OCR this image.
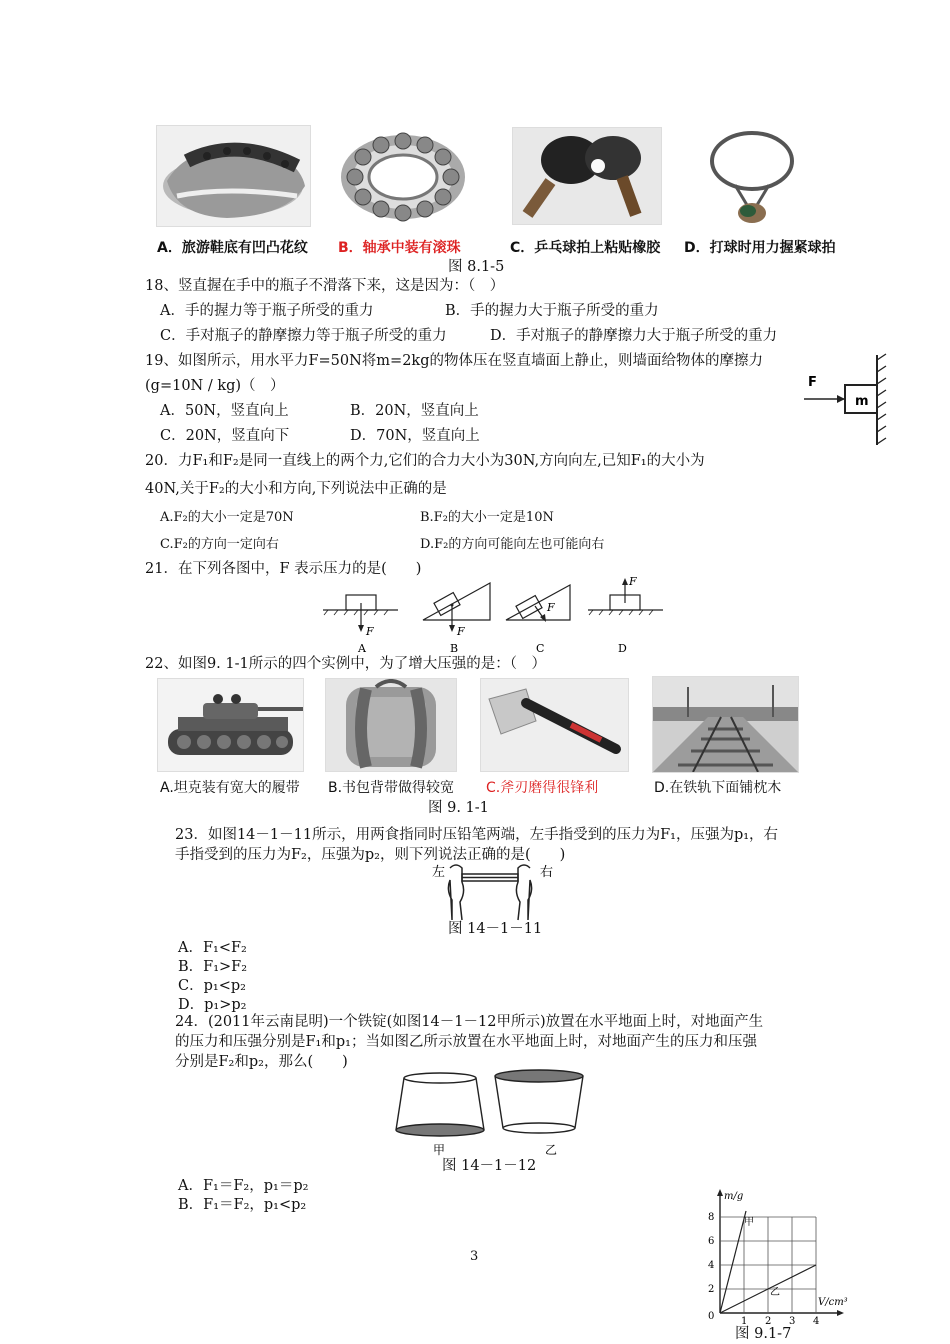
A．旅游鞋底有凹凸花纹 B．轴承中装有滚珠	C．乒乓球拍上粘贴橡胶 D．打球时用力握紧球拍
图 8.1-5
18、竖直握在手中的瓶子不滑落下来，这是因为：（　）
A．手的握力等于瓶子所受的重力	B．手的握力大于瓶子所受的重力
C．手对瓶子的静摩擦力等于瓶子所受的重力	D．手对瓶子的静摩擦力大于瓶子所受的重力
19、如图所示，用水平力F=50N将m=2kg的物体压在竖直墙面上静止，则墙面给物体的摩擦力
(g=10N / kg)（　）
A．50N，竖直向上	B．20N，竖直向上
C．20N，竖直向下	D．70N，竖直向上
F
m
20．力F₁和F₂是同一直线上的两个力,它们的合力大小为30N,方向向左,已知F₁的大小为
40N,关于F₂的大小和方向,下列说法中正确的是
A.F₂的大小一定是70N	B.F₂的大小一定是10N
C.F₂的方向一定向右	D.F₂的方向可能向左也可能向右
21．在下列各图中，F 表示压力的是(　　)
F	F
F
F
A	B	C	D
22、如图9. 1-1所示的四个实例中，为了增大压强的是：（　）
A.坦克装有宽大的履带 B.书包背带做得较宽 C.斧刃磨得很锋利	D.在铁轨下面铺枕木
图 9. 1-1
23．如图14－1－11所示，用两食指同时压铅笔两端，左手指受到的压力为F₁，压强为p₁，右
手指受到的压力为F₂，压强为p₂，则下列说法正确的是(　　)
左	右
图 14－1－11
A．F₁<F₂
B．F₁>F₂
C．p₁<p₂
D．p₁>p₂
24．(2011年云南昆明)一个铁锭(如图14－1－12甲所示)放置在水平地面上时，对地面产生
的压力和压强分别是F₁和p₁；当如图乙所示放置在水平地面上时，对地面产生的压力和压强
分别是F₂和p₂，那么(　　)
甲	乙
图 14－1－12
A．F₁＝F₂，p₁＝p₂
B．F₁＝F₂，p₁<p₂
8
6
4
2
0	1 2 3 4
m/g
V/cm³
甲
乙
图 9.1-7
3
